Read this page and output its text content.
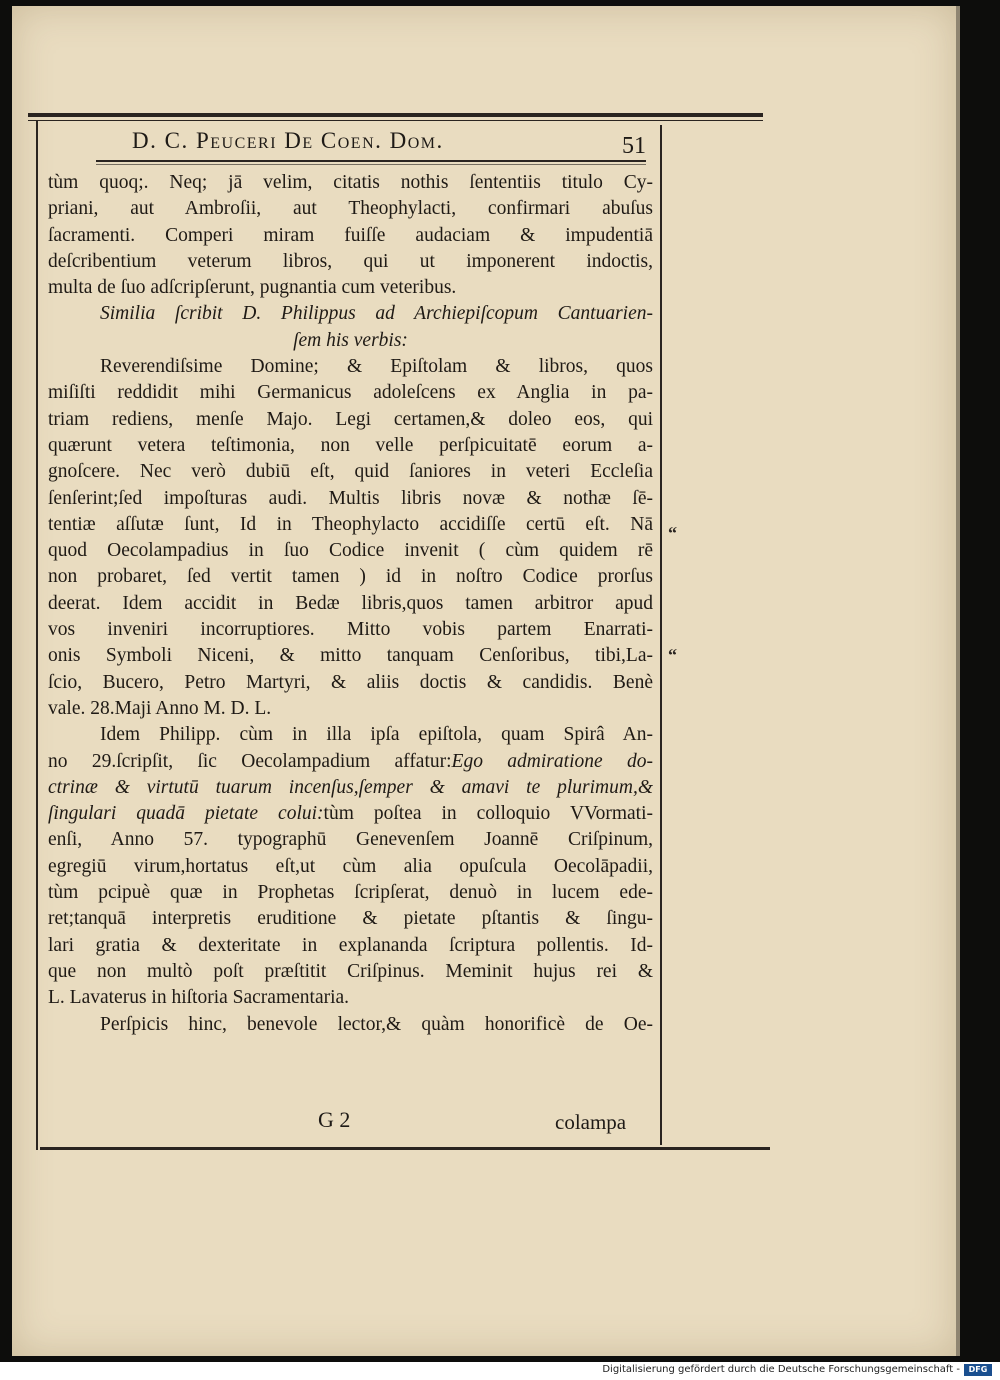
D. C. Peuceri De Coen. Dom.	51
tùm quoq;. Neq; jā velim, citatis nothis ſententiis titulo Cy-
priani, aut Ambroſii, aut Theophylacti, confirmari abuſus
ſacramenti. Comperi miram fuiſſe audaciam & impudentiā
deſcribentium veterum libros, qui ut imponerent indoctis,
multa de ſuo adſcripſerunt, pugnantia cum veteribus.
Similia ſcribit D. Philippus ad Archiepiſcopum Cantuarien-
ſem his verbis:
Reverendiſsime Domine; & Epiſtolam & libros, quos
miſiſti reddidit mihi Germanicus adoleſcens ex Anglia in pa-
triam rediens, menſe Majo. Legi certamen,& doleo eos, qui
quærunt vetera teſtimonia, non velle perſpicuitatē eorum a-
gnoſcere. Nec verò dubiū eſt, quid ſaniores in veteri Eccleſia
ſenſerint;ſed impoſturas audi. Multis libris novæ & nothæ ſē-
tentiæ aſſutæ ſunt, Id in Theophylacto accidiſſe certū eſt. Nā
quod Oecolampadius in ſuo Codice invenit ( cùm quidem rē
non probaret, ſed vertit tamen ) id in noſtro Codice prorſus
deerat. Idem accidit in Bedæ libris,quos tamen arbitror apud
vos inveniri incorruptiores. Mitto vobis partem Enarrati-
onis Symboli Niceni, & mitto tanquam Cenſoribus, tibi,La-
ſcio, Bucero, Petro Martyri, & aliis doctis & candidis. Benè
vale. 28.Maji Anno M. D. L.
Idem Philipp. cùm in illa ipſa epiſtola, quam Spirâ An-
no 29.ſcripſit, ſic Oecolampadium affatur:Ego admiratione do-
ctrinæ & virtutū tuarum incenſus,ſemper & amavi te plurimum,&
ſingulari quadā pietate colui:tùm poſtea in colloquio VVormati-
enſi, Anno 57. typographū Genevenſem Joannē Criſpinum,
egregiū virum,hortatus eſt,ut cùm alia opuſcula Oecolāpadii,
tùm pcipuè quæ in Prophetas ſcripſerat, denuò in lucem ede-
ret;tanquā interpretis eruditione & pietate pſtantis & ſingu-
lari gratia & dexteritate in explananda ſcriptura pollentis. Id-
que non multò poſt præſtitit Criſpinus. Meminit hujus rei &
L. Lavaterus in hiſtoria Sacramentaria.
Perſpicis hinc, benevole lector,& quàm honorificè de Oe-
“
“
G 2	colampa
Digitalisierung gefördert durch die Deutsche Forschungsgemeinschaft -	DFG
